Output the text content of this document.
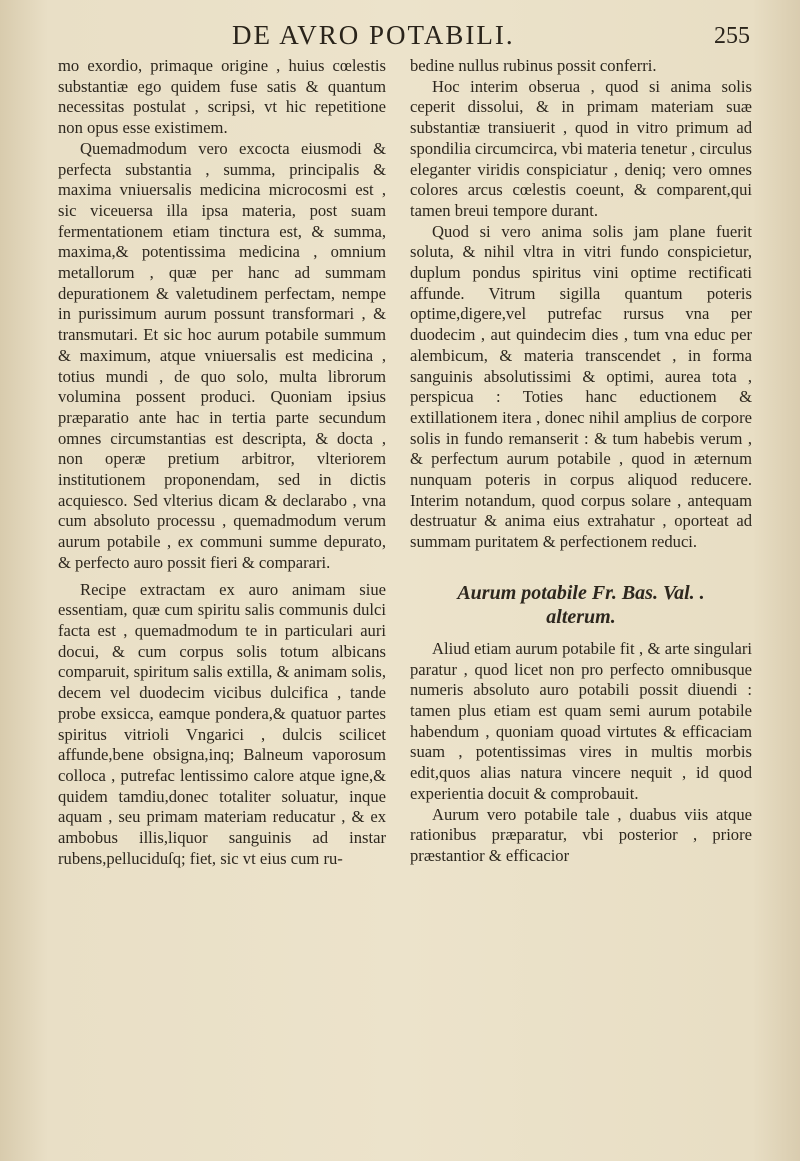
DE AVRO POTABILI.	255

mo exordio, primaque origine , huius cœlestis substantiæ ego quidem fuse satis & quantum necessitas postulat , scripsi, vt hic repetitione non opus esse existimem.

Quemadmodum vero excocta eiusmodi & perfecta substantia , summa, principalis & maxima vniuersalis medicina microcosmi est , sic viceuersa illa ipsa materia, post suam fermentationem etiam tinctura est, & summa, maxima,& potentissima medicina , omnium metallorum , quæ per hanc ad summam depurationem & valetudinem perfectam, nempe in purissimum aurum possunt transformari , & transmutari. Et sic hoc aurum potabile summum & maximum, atque vniuersalis est medicina , totius mundi , de quo solo, multa librorum volumina possent produci. Quoniam ipsius præparatio ante hac in tertia parte secundum omnes circumstantias est descripta, & docta , non operæ pretium arbitror, vlteriorem institutionem proponendam, sed in dictis acquiesco. Sed vlterius dicam & declarabo , vna cum absoluto processu , quemadmodum verum aurum potabile , ex communi summe depurato, & perfecto auro possit fieri & comparari.

Recipe extractam ex auro animam siue essentiam, quæ cum spiritu salis communis dulci facta est , quemadmodum te in particulari auri docui, & cum corpus solis totum albicans comparuit, spiritum salis extilla, & animam solis, decem vel duodecim vicibus dulcifica , tande probe exsicca, eamque pondera,& quatuor partes spiritus vitrioli Vngarici , dulcis scilicet affunde,bene obsigna,inq; Balneum vaporosum colloca , putrefac lentissimo calore atque igne,& quidem tamdiu,donec totaliter soluatur, inque aquam , seu primam materiam reducatur , & ex ambobus illis,liquor sanguinis ad instar rubens,pelluciduſq; fiet, sic vt eius cum ru-

bedine nullus rubinus possit conferri.

Hoc interim obserua , quod si anima solis ceperit dissolui, & in primam materiam suæ substantiæ transiuerit , quod in vitro primum ad spondilia circumcirca, vbi materia tenetur , circulus eleganter viridis conspiciatur , deniq; vero omnes colores arcus cœlestis coeunt, & comparent,qui tamen breui tempore durant.

Quod si vero anima solis jam plane fuerit soluta, & nihil vltra in vitri fundo conspicietur, duplum pondus spiritus vini optime rectificati affunde. Vitrum sigilla quantum poteris optime,digere,vel putrefac rursus vna per duodecim , aut quindecim dies , tum vna educ per alembicum, & materia transcendet , in forma sanguinis absolutissimi & optimi, aurea tota , perspicua : Toties hanc eductionem & extillationem itera , donec nihil amplius de corpore solis in fundo remanserit : & tum habebis verum , & perfectum aurum potabile , quod in æternum nunquam poteris in corpus aliquod reducere. Interim notandum, quod corpus solare , antequam destruatur & anima eius extrahatur , oporteat ad summam puritatem & perfectionem reduci.

Aurum potabile Fr. Bas. Val. .
alterum.

Aliud etiam aurum potabile fit , & arte singulari paratur , quod licet non pro perfecto omnibusque numeris absoluto auro potabili possit diuendi : tamen plus etiam est quam semi aurum potabile habendum , quoniam quoad virtutes & efficaciam suam , potentissimas vires in multis morbis edit,quos alias natura vincere nequit , id quod experientia docuit & comprobauit.

Aurum vero potabile tale , duabus viis atque rationibus præparatur, vbi posterior , priore præstantior & efficacior
